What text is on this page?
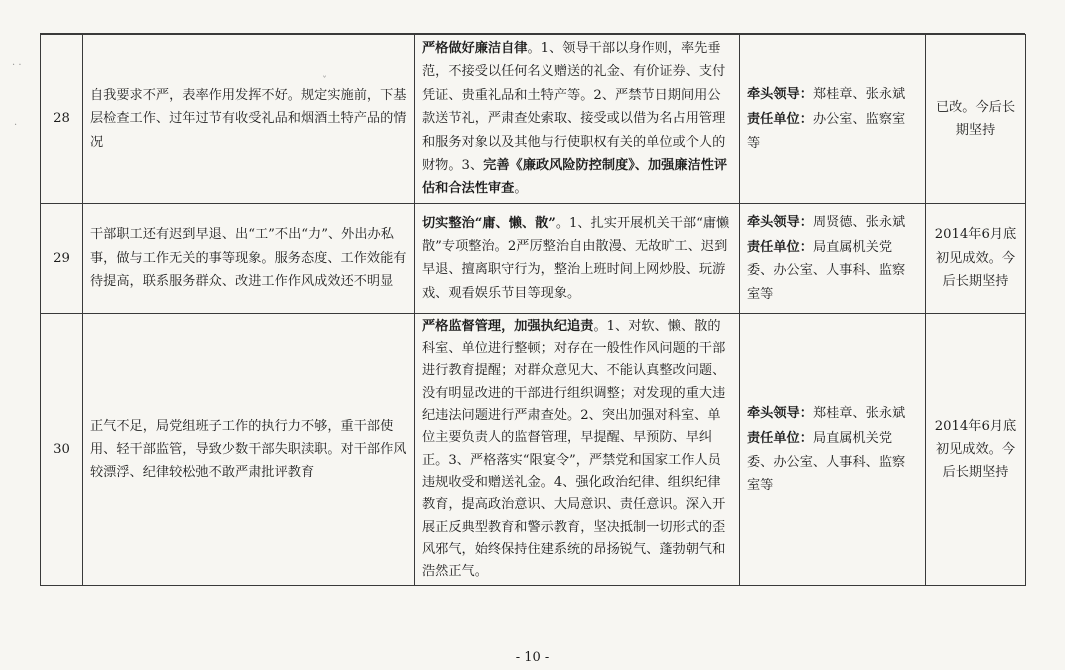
· ·
·
ˇ
28	自我要求不严，表率作用发挥不好。规定实施前，下基层检查工作、过年过节有收受礼品和烟酒土特产品的情况	严格做好廉洁自律。1、领导干部以身作则，率先垂范，不接受以任何名义赠送的礼金、有价证券、支付凭证、贵重礼品和土特产等。2、严禁节日期间用公款送节礼，严肃查处索取、接受或以借为名占用管理和服务对象以及其他与行使职权有关的单位或个人的财物。3、完善《廉政风险防控制度》、加强廉洁性评估和合法性审查。	牵头领导：郑桂章、张永斌
责任单位：办公室、监察室等	已改。今后长期坚持
29	干部职工还有迟到早退、出“工”不出“力”、外出办私事，做与工作无关的事等现象。服务态度、工作效能有待提高，联系服务群众、改进工作作风成效还不明显	切实整治“庸、懒、散”。1、扎实开展机关干部“庸懒散”专项整治。2严厉整治自由散漫、无故旷工、迟到早退、擅离职守行为，整治上班时间上网炒股、玩游戏、观看娱乐节目等现象。	牵头领导：周贤德、张永斌
责任单位：局直属机关党委、办公室、人事科、监察室等	2014年6月底初见成效。今后长期坚持
30	正气不足，局党组班子工作的执行力不够，重干部使用、轻干部监管，导致少数干部失职渎职。对干部作风较漂浮、纪律较松弛不敢严肃批评教育	严格监督管理，加强执纪追责。1、对软、懒、散的科室、单位进行整顿；对存在一般性作风问题的干部进行教育提醒；对群众意见大、不能认真整改问题、没有明显改进的干部进行组织调整；对发现的重大违纪违法问题进行严肃查处。2、突出加强对科室、单位主要负责人的监督管理，早提醒、早预防、早纠正。3、严格落实“限宴令”，严禁党和国家工作人员违规收受和赠送礼金。4、强化政治纪律、组织纪律教育，提高政治意识、大局意识、责任意识。深入开展正反典型教育和警示教育，坚决抵制一切形式的歪风邪气，始终保持住建系统的昂扬锐气、蓬勃朝气和浩然正气。	牵头领导：郑桂章、张永斌
责任单位：局直属机关党委、办公室、人事科、监察室等	2014年6月底初见成效。今后长期坚持
- 10 -
